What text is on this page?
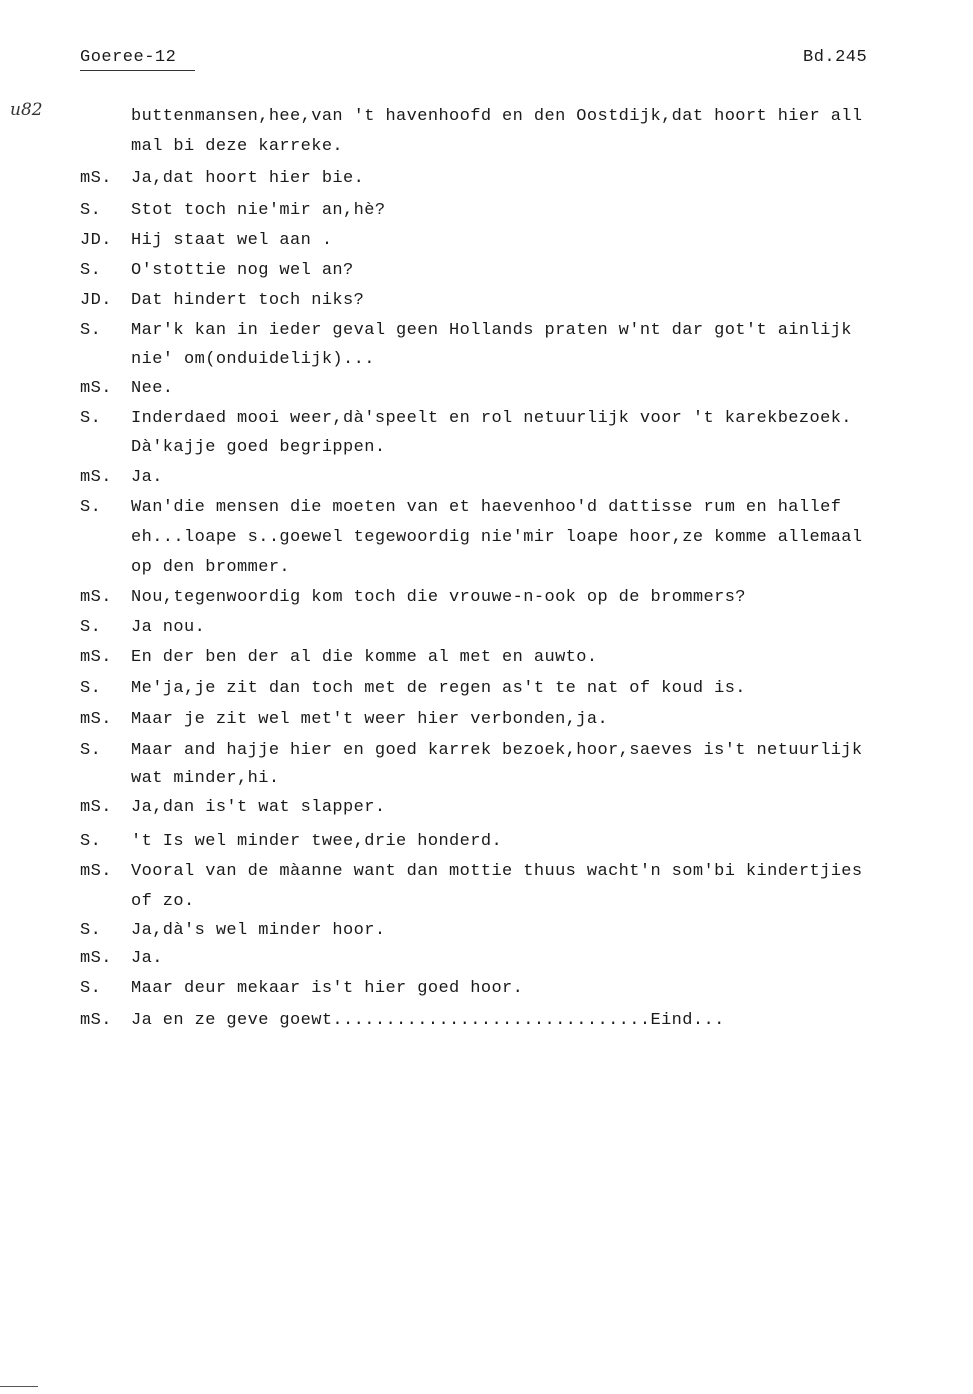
Goeree-12	Bd.245
u82	buttenmansen,hee,van 't havenhoofd en den Oostdijk,dat hoort hier all
mal bi deze karreke.
mS.	Ja,dat hoort hier bie.
S.	Stot toch nie'mir an,hè?
JD.	Hij staat wel aan .
S.	O'stottie nog wel an?
JD.	Dat hindert toch niks?
S.	Mar'k kan in ieder geval geen Hollands praten w'nt dar got't ainlijk
nie' om(onduidelijk)...
mS.	Nee.
S.	Inderdaed mooi weer,dà'speelt en rol netuurlijk voor 't karekbezoek.
Dà'kajje goed begrippen.
mS.	Ja.
S.	Wan'die mensen die moeten van et haevenhoo'd dattisse rum en hallef
eh...loape s..goewel tegewoordig nie'mir loape hoor,ze komme allemaal
op den brommer.
mS.	Nou,tegenwoordig kom toch die vrouwe-n-ook op de brommers?
S.	Ja nou.
mS.	En der ben der al die komme al met en auwto.
S.	Me'ja,je zit dan toch met de regen as't te nat of koud is.
mS.	Maar je zit wel met't weer hier verbonden,ja.
S.	Maar and hajje hier en goed karrek bezoek,hoor,saeves is't netuurlijk
wat minder,hi.
mS.	Ja,dan is't wat slapper.
S.	't Is wel minder twee,drie honderd.
mS.	Vooral van de màanne want dan mottie thuus wacht'n som'bi kindertjies
of zo.
S.	Ja,dà's wel minder hoor.
mS.	Ja.
S.	Maar deur mekaar is't hier goed hoor.
mS.	Ja en ze geve goewt..............................Eind...
